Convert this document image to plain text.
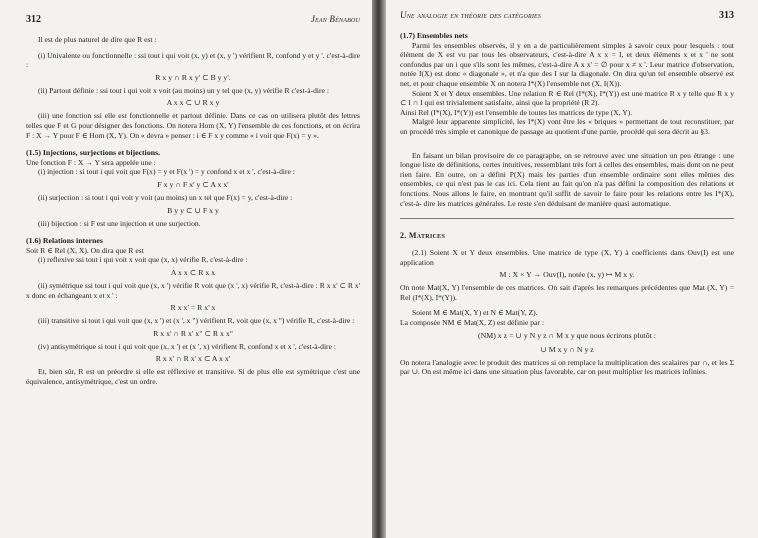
312	Jean Bénabou

Il est de plus naturel de dire que R est :

(i) Univalente ou fonctionnelle : ssi tout i qui voit (x, y) et (x, y ') vérifient R, confond y et y '. c'est-à-dire :

R x y ∩ R x y' ⊂ B y y'.

(ii) Partout définie : ssi tout i qui voit x voit (au moins) un y tel que (x, y) vérifie R c'est-à-dire :

A x x ⊂ ∪ R x y

(iii) une fonction ssi elle est fonctionnelle et partout définie. Dans ce cas on utilisera plutôt des lettres telles que F et G pour désigner des fonctions. On notera Hom (X, Y) l'ensemble de ces fonctions, et on écrira F : X → Y pour F ∈ Hom (X, Y). On « devra » penser : i ∈ F x y comme « i voit que F(x) = y ».

(1.5) Injections, surjections et bijections.

Une fonction F : X → Y sera appelée une :

(i) injection : si tout i qui voit que F(x) = y et F(x ') = y confond x et x ', c'est-à-dire :

F x y ∩ F x' y ⊂ A x x'

(ii) surjection : si tout i qui voit y voit (au moins) un x tel que F(x) = y, c'est-à-dire :

B y y ⊂ ∪ F x y

(iii) bijection : si F est une injection et une surjection.

(1.6) Relations internes

Soit R ∈ Rel (X, X). On dira que R est

(i) reflexive ssi tout i qui voit x voit que (x, x) vérifie R, c'est-à-dire :

A x x ⊂ R x x

(ii) symétrique ssi tout i qui voit que (x, x ') vérifie R voit que (x ', x) vérifie R, c'est-à-dire : R x x' ⊂ R x' x donc en échangeant x et x ' :

R x x' = R x' x

(iii) transitive si tout i qui voit que (x, x ') et (x ', x ") vérifient R, voit que (x, x ") vérifie R, c'est-à-dire :

R x x' ∩ R x' x" ⊂ R x x"

(iv) antisymétrique si tout i qui voit que (x, x ') et (x ', x) vérifient R, confond x et x ', c'est-à-dire :

R x x' ∩ R x' x ⊂ A x x'

Et, bien sûr, R est un préordre si elle est réflexive et transitive. Si de plus elle est symétrique c'est une équivalence, antisymétrique, c'est un ordre.

Une analogie en théorie des catégories	313
(1.7) Ensembles nets

Parmi les ensembles observés, il y en a de particulièrement simples à savoir ceux pour lesquels : tout élément de X est vu par tous les observateurs, c'est-à-dire A x x = I, et deux éléments x et x ' ne sont confondus par un i que s'ils sont les mêmes, c'est-à-dire A x x' = ∅ pour x ≠ x '. Leur matrice d'observation, notée I(X) est donc « diagonale », et n'a que des I sur la diagonale. On dira qu'un tel ensemble observé est net, et pour chaque ensemble X on notera I*(X) l'ensemble net (X, I(X)).

Soient X et Y deux ensembles. Une relation R ∈ Rel (I*(X), I*(Y)) est une matrice R x y telle que R x y ⊂ I ∩ I qui est trivialement satisfaite, ainsi que la propriété (R 2).

Ainsi Rel (I*(X), I*(Y)) est l'ensemble de toutes les matrices de type (X, Y).

Malgré leur apparente simplicité, les I*(X) vont être les « briques » permettant de tout reconstituer, par un procédé très simple et canonique de passage au quotient d'une partie, procédé qui sera décrit au §3.

En faisant un bilan provisoire de ce paragraphe, on se retrouve avec une situation un peu étrange : une longue liste de définitions, certes intuitives, ressemblant très fort à celles des ensembles, mais dont on ne peut rien faire. En outre, on a défini P(X) mais les parties d'un ensemble ordinaire sont elles mêmes des ensembles, ce qui n'est pas le cas ici. Cela tient au fait qu'on n'a pas défini la composition des relations et fonctions. Nous allons le faire, en montrant qu'il suffit de savoir le faire pour les relations entre les I*(X), c'est-à- dire les matrices générales. Le reste s'en déduisant de manière quasi automatique.

2. Matrices

(2.1) Soient X et Y deux ensembles. Une matrice de type (X, Y) à coefficients dans Ouv(I) est une application

M : X × Y → Ouv(I), notée (x, y) ↦ M x y.

On note Mat(X, Y) l'ensemble de ces matrices. On sait d'après les remarques précédentes que Mat (X, Y) = Rel (I*(X), I*(Y)).

Soient M ∈ Mat(X, Y) et N ∈ Mat(Y, Z).

La composée NM ∈ Mat(X, Z) est définie par :

(NM) x z = ∪ y N y z ∩ M x y que nous écrirons plutôt :
∪ M x y ∩ N y z

On notera l'analogie avec le produit des matrices si on remplace la multiplication des scalaires par ∩, et les Σ par ∪. On est même ici dans une situation plus favorable, car on peut multiplier les matrices infinies.
